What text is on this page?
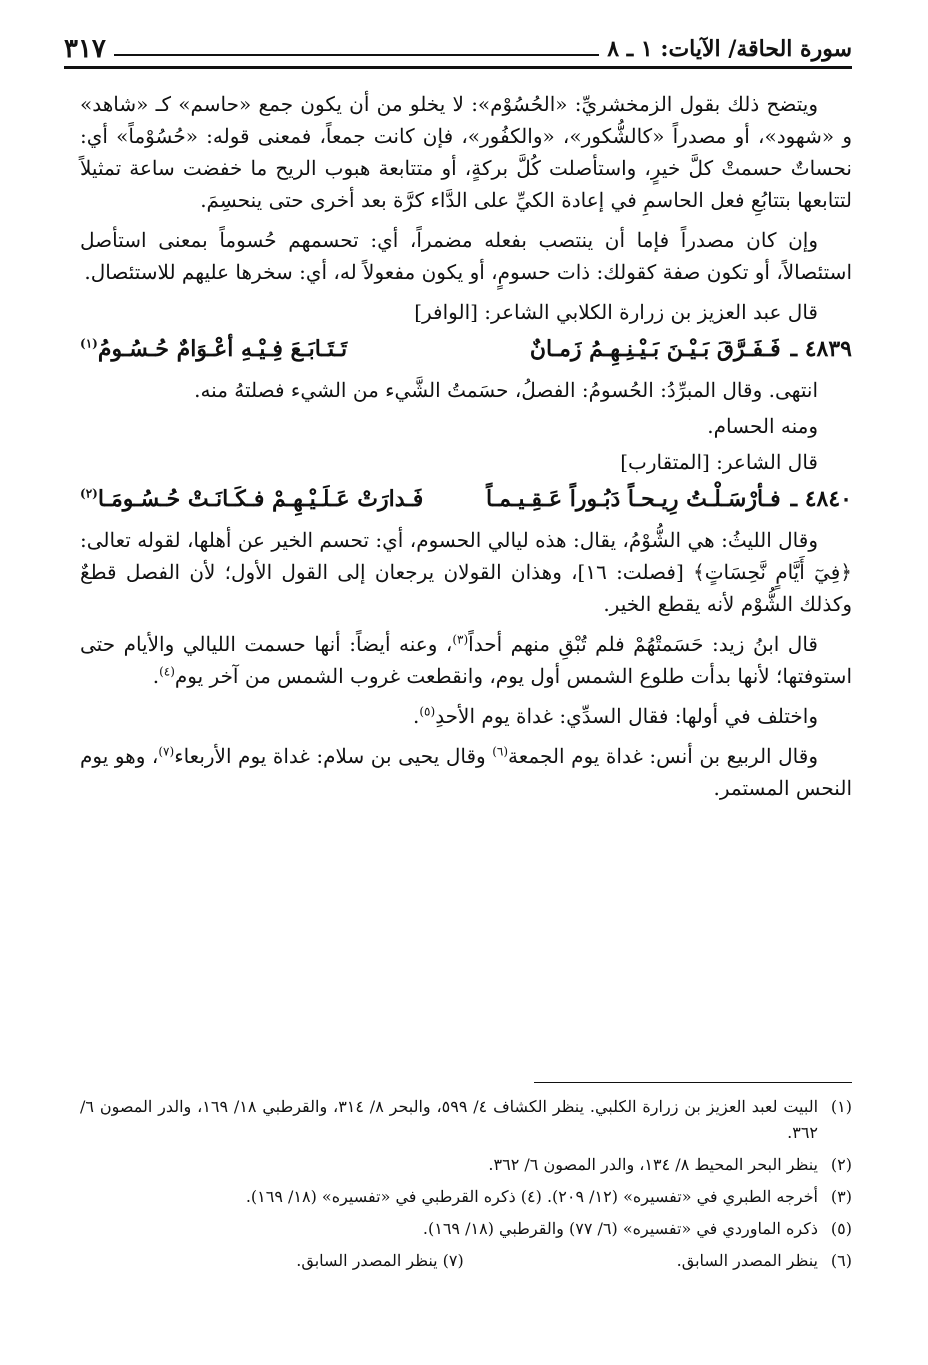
سورة الحاقة/ الآيات: ١ ـ ٨
٣١٧

ويتضح ذلك بقول الزمخشريِّ: «الحُسُوْم»: لا يخلو من أن يكون جمع «حاسم» كـ «شاهد» و «شهود»، أو مصدراً «كالشُّكور»، «والكفُور»، فإن كانت جمعاً، فمعنى قوله: «حُسُوْماً» أي: نحساتٌ حسمتْ كلَّ خيرٍ، واستأصلت كُلَّ بركةٍ، أو متتابعة هبوب الريح ما خفضت ساعة تمثيلاً لتتابعها بتتابُعِ فعل الحاسمِ في إعادة الكيِّ على الدَّاء كرَّة بعد أخرى حتى ينحسِمَ.

وإن كان مصدراً فإما أن ينتصب بفعله مضمراً، أي: تحسمهم حُسوماً بمعنى استأصل استئصالاً، أو تكون صفة كقولك: ذات حسومٍ، أو يكون مفعولاً له، أي: سخرها عليهم للاستئصال.

قال عبد العزيز بن زرارة الكلابي الشاعر: [الوافر]

٤٨٣٩ ـ
فَـفَـرَّقَ بَـيْـنَ بَـيْـنِـهِـمُ زَمـانٌ
تَـتَـابَـعَ فِـيْـهِ أعْـوَامٌ حُـسُـومُ$^{(١)}$

انتهى. وقال المبرِّدُ: الحُسومُ: الفصلُ، حسَمتُ الشَّيء من الشيء فصلتهُ منه.

ومنه الحسام.

قال الشاعر: [المتقارب]

٤٨٤٠ ـ
فـأرْسَـلْـتُ رِيـحـاً دَبُـوراً عَـقِـيـمـاً
فَـدارَتْ عَـلَـيْـهِـمْ فـكَـانَـتْ حُـسُـومَـا$^{(٢)}$

وقال الليثُ: هي الشُّوْمُ، يقال: هذه ليالي الحسوم، أي: تحسم الخير عن أهلها، لقوله تعالى: ﴿فِيٓ أَيَّامٍ نَّحِسَاتٍ﴾ [فصلت: ١٦]، وهذان القولان يرجعان إلى القول الأول؛ لأن الفصل قطعٌ وكذلك الشُّوْم لأنه يقطع الخير.

قال ابنُ زيد: حَسَمتْهُمْ فلم تُبْقِ منهم أحداً$^{(٣)}$، وعنه أيضاً: أنها حسمت الليالي والأيام حتى استوفتها؛ لأنها بدأت طلوع الشمس أول يوم، وانقطعت غروب الشمس من آخر يوم$^{(٤)}$.

واختلف في أولها: فقال السدِّي: غداة يوم الأحدِ$^{(٥)}$.

وقال الربيع بن أنس: غداة يوم الجمعة$^{(٦)}$ وقال يحيى بن سلام: غداة يوم الأربعاء$^{(٧)}$، وهو يوم النحس المستمر.

(١)
البيت لعبد العزيز بن زرارة الكلبي. ينظر الكشاف ٤/ ٥٩٩، والبحر ٨/ ٣١٤، والقرطبي ١٨/ ١٦٩، والدر المصون ٦/ ٣٦٢.
(٢)
ينظر البحر المحيط ٨/ ١٣٤، والدر المصون ٦/ ٣٦٢.
(٣)
أخرجه الطبري في «تفسيره» (١٢/ ٢٠٩). (٤) ذكره القرطبي في «تفسيره» (١٨/ ١٦٩).
(٥)
ذكره الماوردي في «تفسيره» (٦/ ٧٧) والقرطبي (١٨/ ١٦٩).
(٦)
ينظر المصدر السابق.
(٧) ينظر المصدر السابق.
